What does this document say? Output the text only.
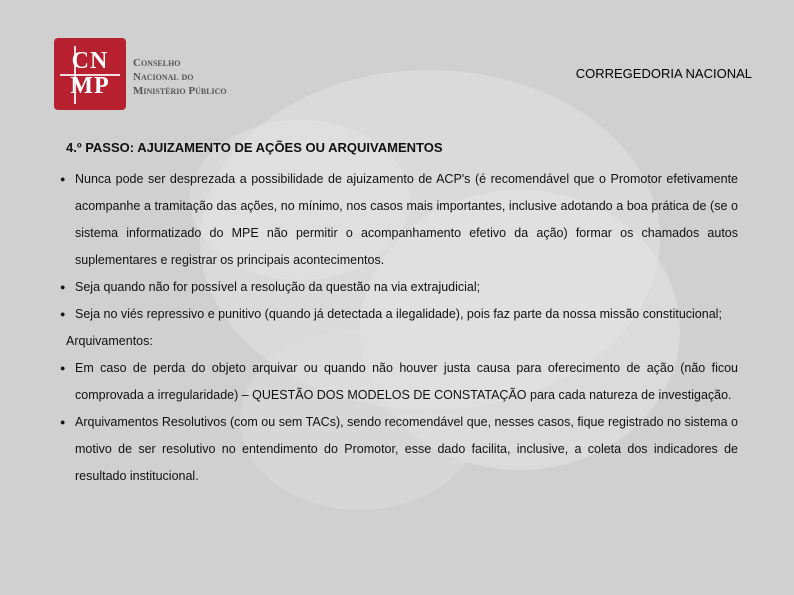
CN
MP
Conselho
Nacional do
Ministério Público
CORREGEDORIA NACIONAL

4.º PASSO: AJUIZAMENTO DE AÇÕES OU ARQUIVAMENTOS

● Nunca pode ser desprezada a possibilidade de ajuizamento de ACP's (é recomendável que o Promotor efetivamente acompanhe a tramitação das ações, no mínimo, nos casos mais importantes, inclusive adotando a boa prática de (se o sistema informatizado do MPE não permitir o acompanhamento efetivo da ação) formar os chamados autos suplementares e registrar os principais acontecimentos.

● Seja quando não for possível a resolução da questão na via extrajudicial;

● Seja no viés repressivo e punitivo (quando já detectada a ilegalidade), pois faz parte da nossa missão constitucional;

Arquivamentos:

● Em caso de perda do objeto arquivar ou quando não houver justa causa para oferecimento de ação (não ficou comprovada a irregularidade) – QUESTÃO DOS MODELOS DE CONSTATAÇÃO para cada natureza de investigação.

● Arquivamentos Resolutivos (com ou sem TACs), sendo recomendável que, nesses casos, fique registrado no sistema o motivo de ser resolutivo no entendimento do Promotor, esse dado facilita, inclusive, a coleta dos indicadores de resultado institucional.
